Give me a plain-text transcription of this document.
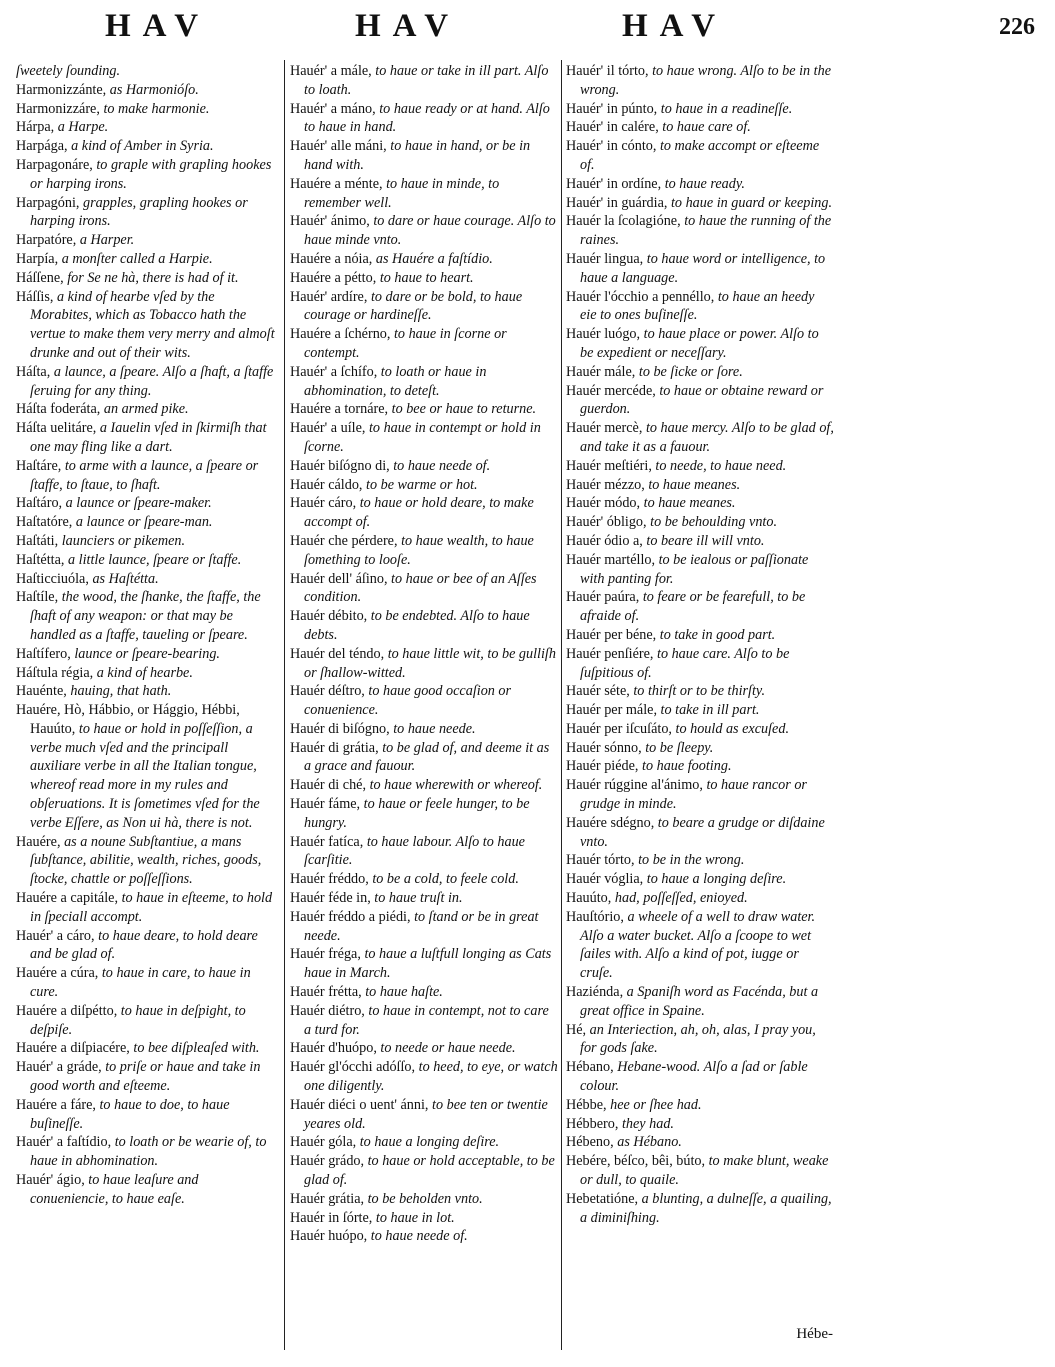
HAV	HAV	HAV	226
ſweetely ſounding.
Harmonizzánte, as Harmonióſo.
Harmonizzáre, to make harmonie.
Hárpa, a Harpe.
Harpága, a kind of Amber in Syria.
Harpagonáre, to graple with grapling hookes or harping irons.
Harpagóni, grapples, grapling hookes or harping irons.
Harpatóre, a Harper.
Harpía, a monſter called a Harpie.
Háſſene, for Se ne hà, there is had of it.
Háſſis, a kind of hearbe vſed by the Morabites, which as Tobacco hath the vertue to make them very merry and almoſt drunke and out of their wits.
Háſta, a launce, a ſpeare. Alſo a ſhaft, a ſtaffe ſeruing for any thing.
Háſta foderáta, an armed pike.
Háſta uelitáre, a Iauelin vſed in ſkirmiſh that one may fling like a dart.
Haſtáre, to arme with a launce, a ſpeare or ſtaffe, to ſtaue, to ſhaft.
Haſtáro, a launce or ſpeare-maker.
Haſtatóre, a launce or ſpeare-man.
Haſtáti, launciers or pikemen.
Haſtétta, a little launce, ſpeare or ſtaffe.
Haſticciuóla, as Haſtétta.
Haſtíle, the wood, the ſhanke, the ſtaffe, the ſhaft of any weapon: or that may be handled as a ſtaffe, taueling or ſpeare.
Haſtífero, launce or ſpeare-bearing.
Háſtula régia, a kind of hearbe.
Hauénte, hauing, that hath.
Hauére, Hò, Hábbio, or Hággio, Hébbi, Hauúto, to haue or hold in poſſeſſion, a verbe much vſed and the principall auxiliare verbe in all the Italian tongue, whereof read more in my rules and obſeruations. It is ſometimes vſed for the verbe Eſſere, as Non ui hà, there is not.
Hauére, as a noune Subſtantiue, a mans ſubſtance, abilitie, wealth, riches, goods, ſtocke, chattle or poſſeſſions.
Hauére a capitále, to haue in eſteeme, to hold in ſpeciall accompt.
Hauér' a cáro, to haue deare, to hold deare and be glad of.
Hauére a cúra, to haue in care, to haue in cure.
Hauére a diſpétto, to haue in deſpight, to deſpiſe.
Hauére a diſpiacére, to bee diſpleaſed with.
Hauér' a gráde, to priſe or haue and take in good worth and eſteeme.
Hauére a fáre, to haue to doe, to haue buſineſſe.
Hauér' a faſtídio, to loath or be wearie of, to haue in abhomination.
Hauér' ágio, to haue leaſure and conueniencie, to haue eaſe.
Hauér' a mále, to haue or take in ill part. Alſo to loath.
Hauér' a máno, to haue ready or at hand. Alſo to haue in hand.
Hauér' alle máni, to haue in hand, or be in hand with.
Hauére a ménte, to haue in minde, to remember well.
Hauér' ánimo, to dare or haue courage. Alſo to haue minde vnto.
Hauére a nóia, as Hauére a faſtídio.
Hauére a pétto, to haue to heart.
Hauér' ardíre, to dare or be bold, to haue courage or hardineſſe.
Hauére a ſchérno, to haue in ſcorne or contempt.
Hauér' a ſchífo, to loath or haue in abhomination, to deteſt.
Hauére a tornáre, to bee or haue to returne.
Hauér' a uíle, to haue in contempt or hold in ſcorne.
Hauér biſógno di, to haue neede of.
Hauér cáldo, to be warme or hot.
Hauér cáro, to haue or hold deare, to make accompt of.
Hauér che pérdere, to haue wealth, to haue ſomething to looſe.
Hauér dell' áſino, to haue or bee of an Aſſes condition.
Hauér débito, to be endebted. Alſo to haue debts.
Hauér del téndo, to haue little wit, to be gulliſh or ſhallow-witted.
Hauér déſtro, to haue good occaſion or conuenience.
Hauér di biſógno, to haue neede.
Hauér di grátia, to be glad of, and deeme it as a grace and fauour.
Hauér di ché, to haue wherewith or whereof.
Hauér fáme, to haue or feele hunger, to be hungry.
Hauér fatíca, to haue labour. Alſo to haue ſcarſitie.
Hauér fréddo, to be a cold, to feele cold.
Hauér féde in, to haue truſt in.
Hauér fréddo a piédi, to ſtand or be in great neede.
Hauér fréga, to haue a luſtfull longing as Cats haue in March.
Hauér frétta, to haue haſte.
Hauér diétro, to haue in contempt, not to care a turd for.
Hauér d'huópo, to neede or haue neede.
Hauér gl'ócchi adóſſo, to heed, to eye, or watch one diligently.
Hauér diéci o uent' ánni, to bee ten or twentie yeares old.
Hauér góla, to haue a longing deſire.
Hauér grádo, to haue or hold acceptable, to be glad of.
Hauér grátia, to be beholden vnto.
Hauér in ſórte, to haue in lot.
Hauér huópo, to haue neede of.
Hauér' il tórto, to haue wrong. Alſo to be in the wrong.
Hauér' in púnto, to haue in a readineſſe.
Hauér' in calére, to haue care of.
Hauér' in cónto, to make accompt or eſteeme of.
Hauér' in ordíne, to haue ready.
Hauér' in guárdia, to haue in guard or keeping.
Hauér la ſcolagióne, to haue the running of the raines.
Hauér lingua, to haue word or intelligence, to haue a language.
Hauér l'ócchio a pennéllo, to haue an heedy eie to ones buſineſſe.
Hauér luógo, to haue place or power. Alſo to be expedient or neceſſary.
Hauér mále, to be ſicke or ſore.
Hauér mercéde, to haue or obtaine reward or guerdon.
Hauér mercè, to haue mercy. Alſo to be glad of, and take it as a fauour.
Hauér meſtiéri, to neede, to haue need.
Hauér mézzo, to haue meanes.
Hauér módo, to haue meanes.
Hauér' óbligo, to be behoulding vnto.
Hauér ódio a, to beare ill will vnto.
Hauér martéllo, to be iealous or paſſionate with panting for.
Hauér paúra, to feare or be fearefull, to be afraide of.
Hauér per béne, to take in good part.
Hauér penſiére, to haue care. Alſo to be ſuſpitious of.
Hauér séte, to thirſt or to be thirſty.
Hauér per mále, to take in ill part.
Hauér per iſcuſáto, to hould as excuſed.
Hauér sónno, to be ſleepy.
Hauér piéde, to haue footing.
Hauér rúggine al'ánimo, to haue rancor or grudge in minde.
Hauére sdégno, to beare a grudge or diſdaine vnto.
Hauér tórto, to be in the wrong.
Hauér vóglia, to haue a longing deſire.
Hauúto, had, poſſeſſed, enioyed.
Hauſtório, a wheele of a well to draw water. Alſo a water bucket. Alſo a ſcoope to wet ſailes with. Alſo a kind of pot, iugge or cruſe.
Haziénda, a Spaniſh word as Facénda, but a great office in Spaine.
Hé, an Interiection, ah, oh, alas, I pray you, for gods ſake.
Hébano, Hebane-wood. Alſo a ſad or ſable colour.
Hébbe, hee or ſhee had.
Hébbero, they had.
Hébeno, as Hébano.
Hebére, béſco, bêi, búto, to make blunt, weake or dull, to quaile.
Hebetatióne, a blunting, a dulneſſe, a quailing, a diminiſhing.
Hébe-
